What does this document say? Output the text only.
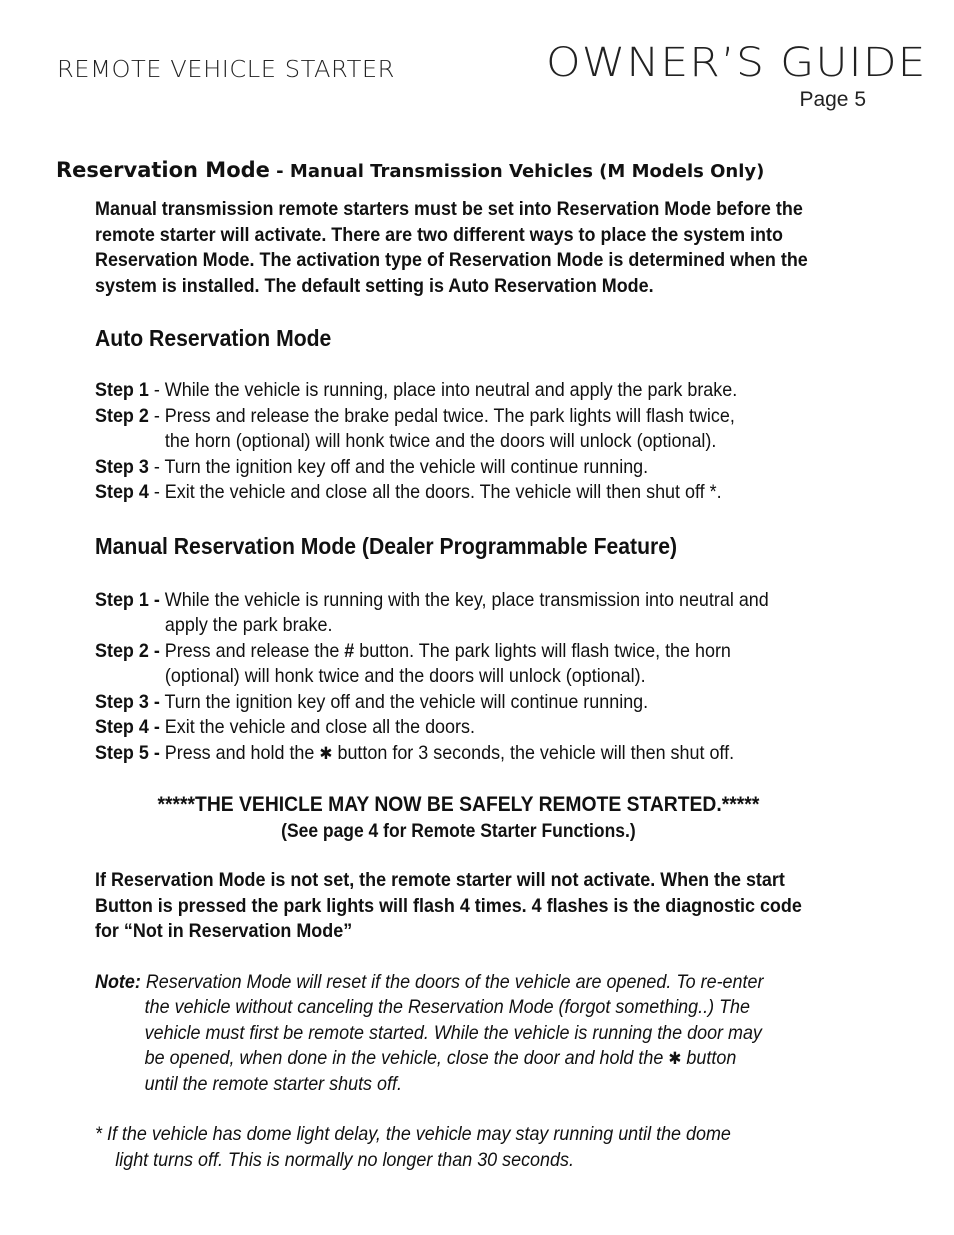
REMOTE VEHICLE STARTER	OWNER’S GUIDE
Page 5
Reservation Mode - Manual Transmission Vehicles (M Models Only)

Manual transmission remote starters must be set into Reservation Mode before the
remote starter will activate. There are two different ways to place the system into
Reservation Mode. The activation type of Reservation Mode is determined when the
system is installed. The default setting is Auto Reservation Mode.

Auto Reservation Mode

Step 1 - While the vehicle is running, place into neutral and apply the park brake.
Step 2 - Press and release the brake pedal twice. The park lights will flash twice,
the horn (optional) will honk twice and the doors will unlock (optional).
Step 3 - Turn the ignition key off and the vehicle will continue running.
Step 4 - Exit the vehicle and close all the doors. The vehicle will then shut off *.

Manual Reservation Mode (Dealer Programmable Feature)

Step 1 - While the vehicle is running with the key, place transmission into neutral and
apply the park brake.
Step 2 - Press and release the # button. The park lights will flash twice, the horn
(optional) will honk twice and the doors will unlock (optional).
Step 3 - Turn the ignition key off and the vehicle will continue running.
Step 4 - Exit the vehicle and close all the doors.
Step 5 - Press and hold the ✱ button for 3 seconds, the vehicle will then shut off.

*****THE VEHICLE MAY NOW BE SAFELY REMOTE STARTED.*****

(See page 4 for Remote Starter Functions.)

If Reservation Mode is not set, the remote starter will not activate. When the start
Button is pressed the park lights will flash 4 times. 4 flashes is the diagnostic code
for “Not in Reservation Mode”

Note: Reservation Mode will reset if the doors of the vehicle are opened. To re-enter
the vehicle without canceling the Reservation Mode (forgot something..) The
vehicle must first be remote started. While the vehicle is running the door may
be opened, when done in the vehicle, close the door and hold the ✱ button
until the remote starter shuts off.

* If the vehicle has dome light delay, the vehicle may stay running until the dome
light turns off. This is normally no longer than 30 seconds.
